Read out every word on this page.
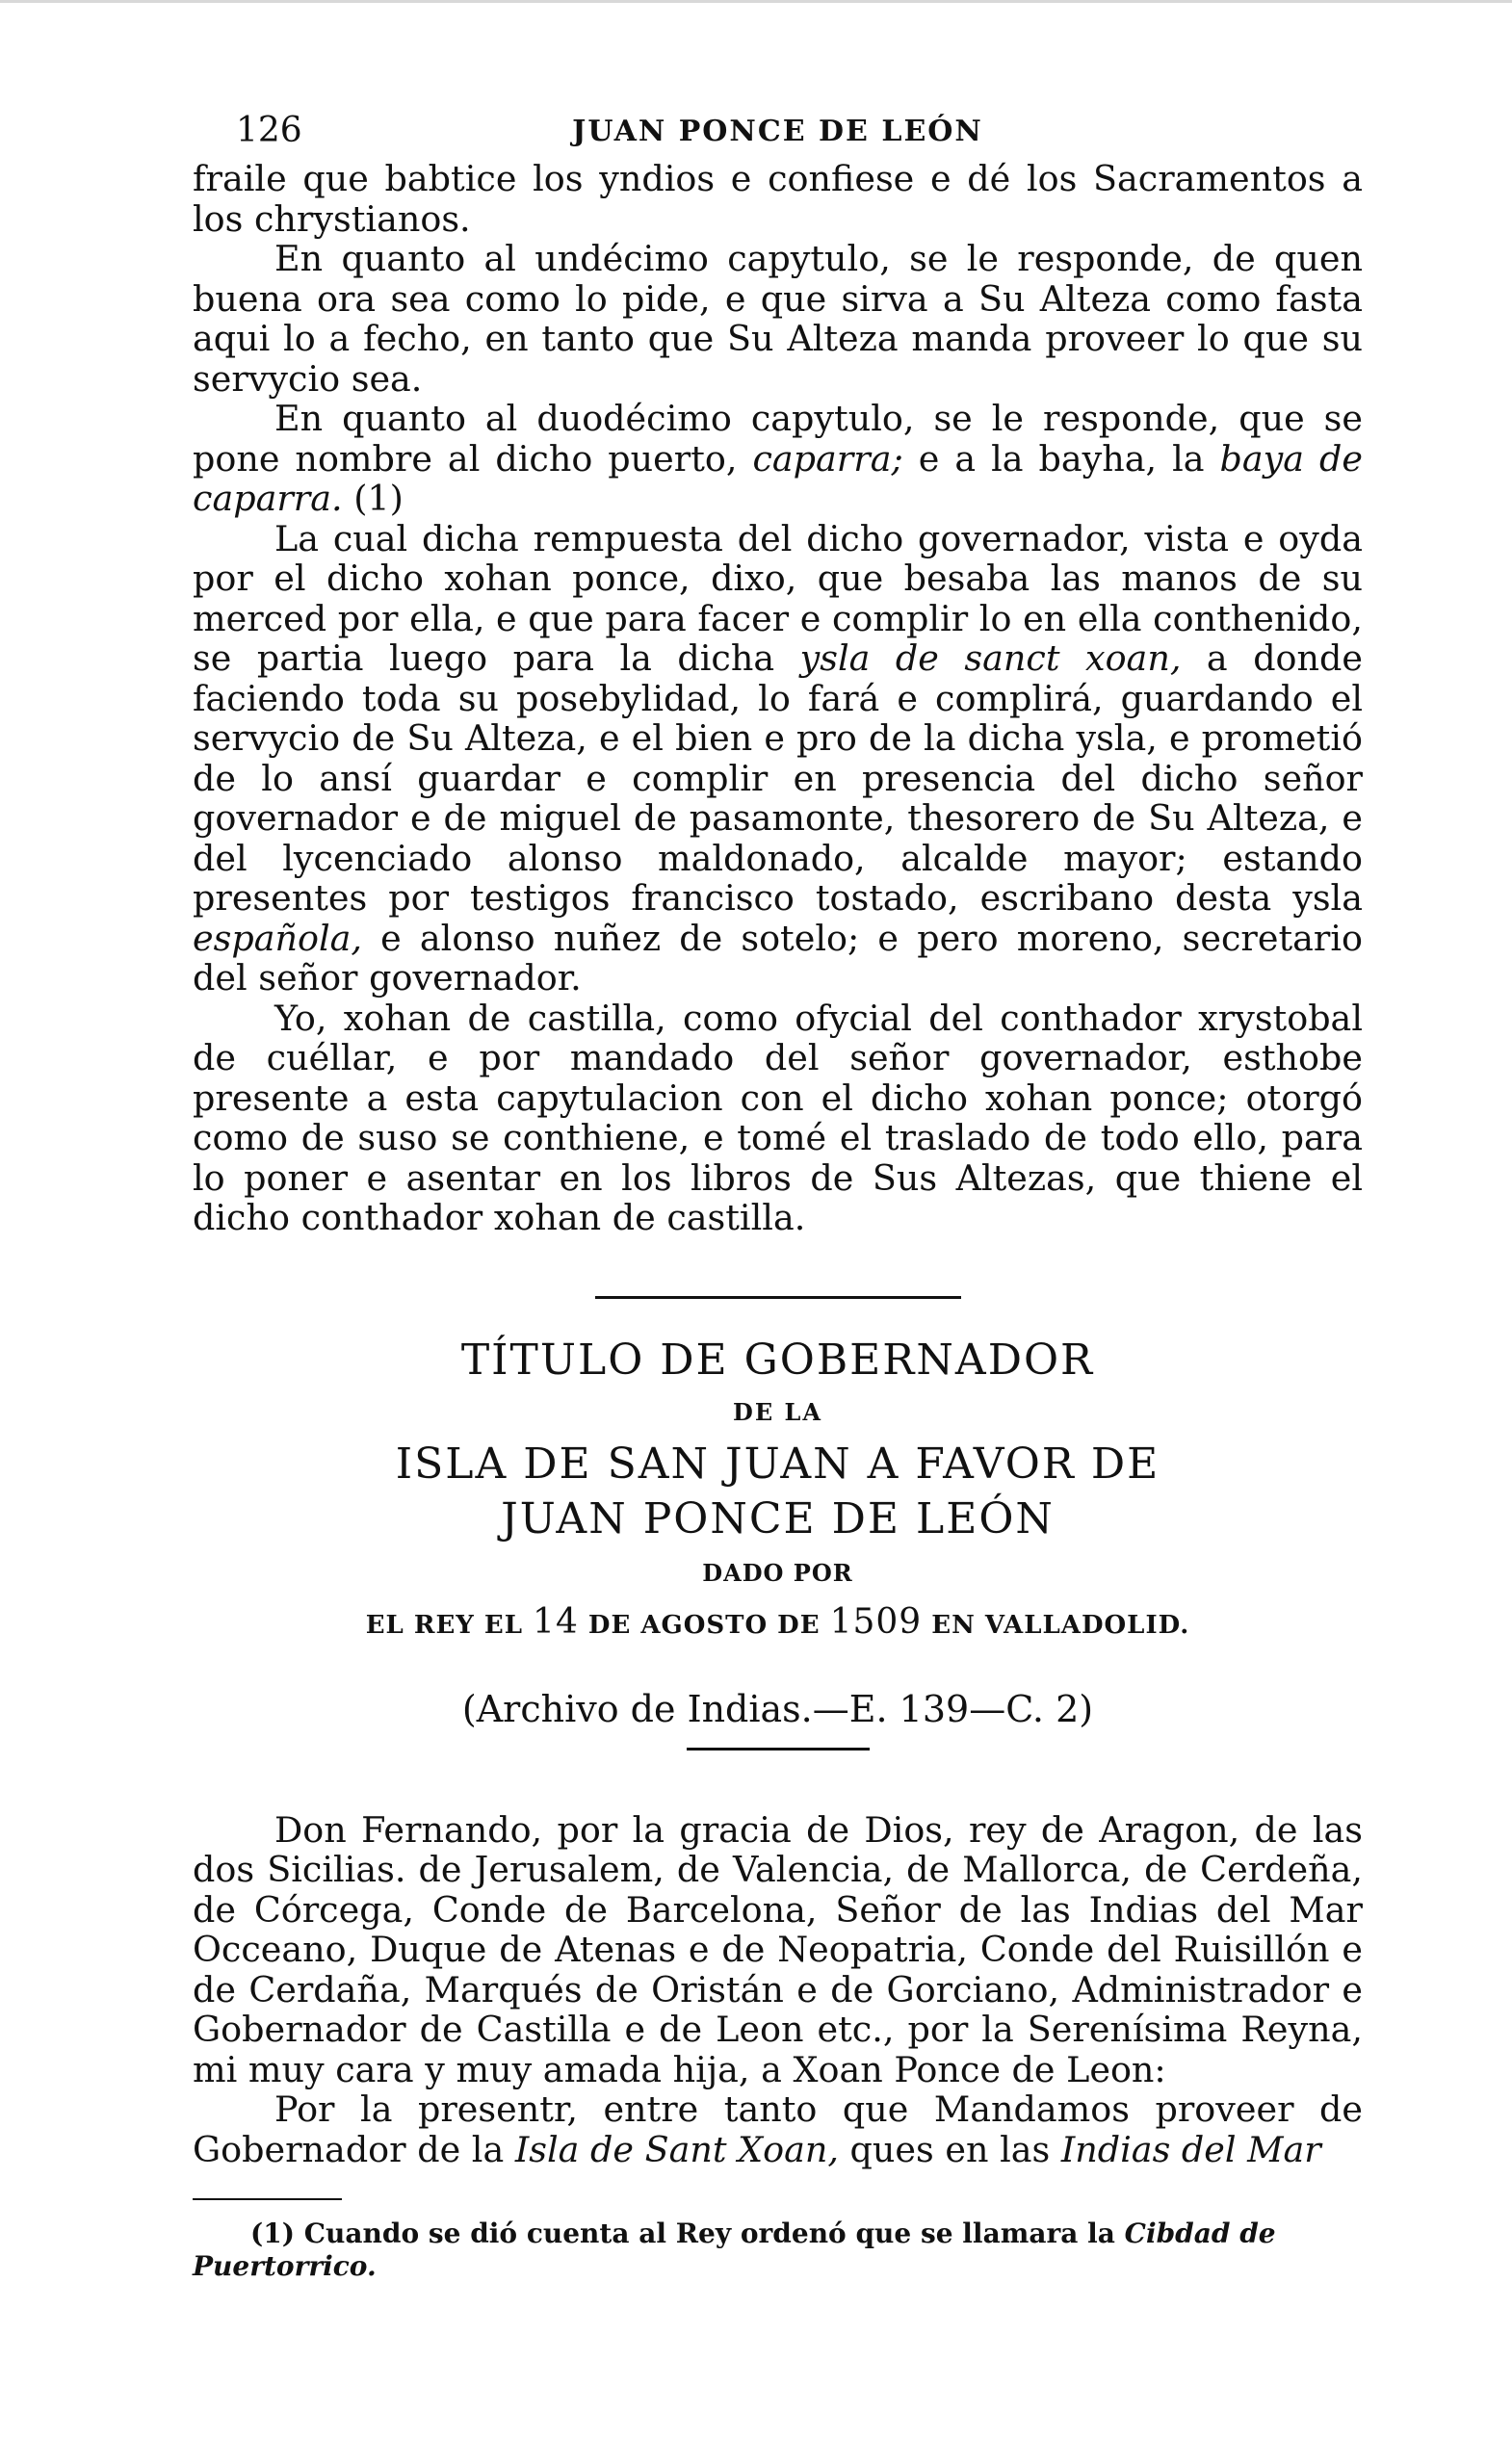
126	JUAN PONCE DE LEÓN

fraile que babtice los yndios e confiese e dé los Sacramentos a los chrystianos.

En quanto al undécimo capytulo, se le responde, de quen buena ora sea como lo pide, e que sirva a Su Alteza como fasta aqui lo a fecho, en tanto que Su Alteza manda proveer lo que su servycio sea.

En quanto al duodécimo capytulo, se le responde, que se pone nombre al dicho puerto, caparra; e a la bayha, la baya de caparra. (1)

La cual dicha rempuesta del dicho governador, vista e oyda por el dicho xohan ponce, dixo, que besaba las manos de su merced por ella, e que para facer e complir lo en ella conthenido, se partia luego para la dicha ysla de sanct xoan, a donde faciendo toda su posebylidad, lo fará e complirá, guardando el servycio de Su Alteza, e el bien e pro de la dicha ysla, e prometió de lo ansí guardar e complir en presencia del dicho señor governador e de miguel de pasamonte, thesorero de Su Alteza, e del lycenciado alonso maldonado, alcalde mayor; estando presentes por testigos francisco tostado, escribano desta ysla española, e alonso nuñez de sotelo; e pero moreno, secretario del señor governador.

Yo, xohan de castilla, como ofycial del conthador xrystobal de cuéllar, e por mandado del señor governador, esthobe presente a esta capytulacion con el dicho xohan ponce; otorgó como de suso se conthiene, e tomé el traslado de todo ello, para lo poner e asentar en los libros de Sus Altezas, que thiene el dicho conthador xohan de castilla.

TÍTULO DE GOBERNADOR
DE LA
ISLA DE SAN JUAN A FAVOR DE
JUAN PONCE DE LEÓN
DADO POR
EL REY EL 14 DE AGOSTO DE 1509 EN VALLADOLID.
(Archivo de Indias.—E. 139—C. 2)

Don Fernando, por la gracia de Dios, rey de Aragon, de las dos Sicilias. de Jerusalem, de Valencia, de Mallorca, de Cerdeña, de Córcega, Conde de Barcelona, Señor de las Indias del Mar Occeano, Duque de Atenas e de Neopatria, Conde del Ruisillón e de Cerdaña, Marqués de Oristán e de Gorciano, Administrador e Gobernador de Castilla e de Leon etc., por la Serenísima Reyna, mi muy cara y muy amada hija, a Xoan Ponce de Leon:

Por la presentr, entre tanto que Mandamos proveer de Gobernador de la Isla de Sant Xoan, ques en las Indias del Mar

(1) Cuando se dió cuenta al Rey ordenó que se llamara la Cibdad de Puertorrico.
